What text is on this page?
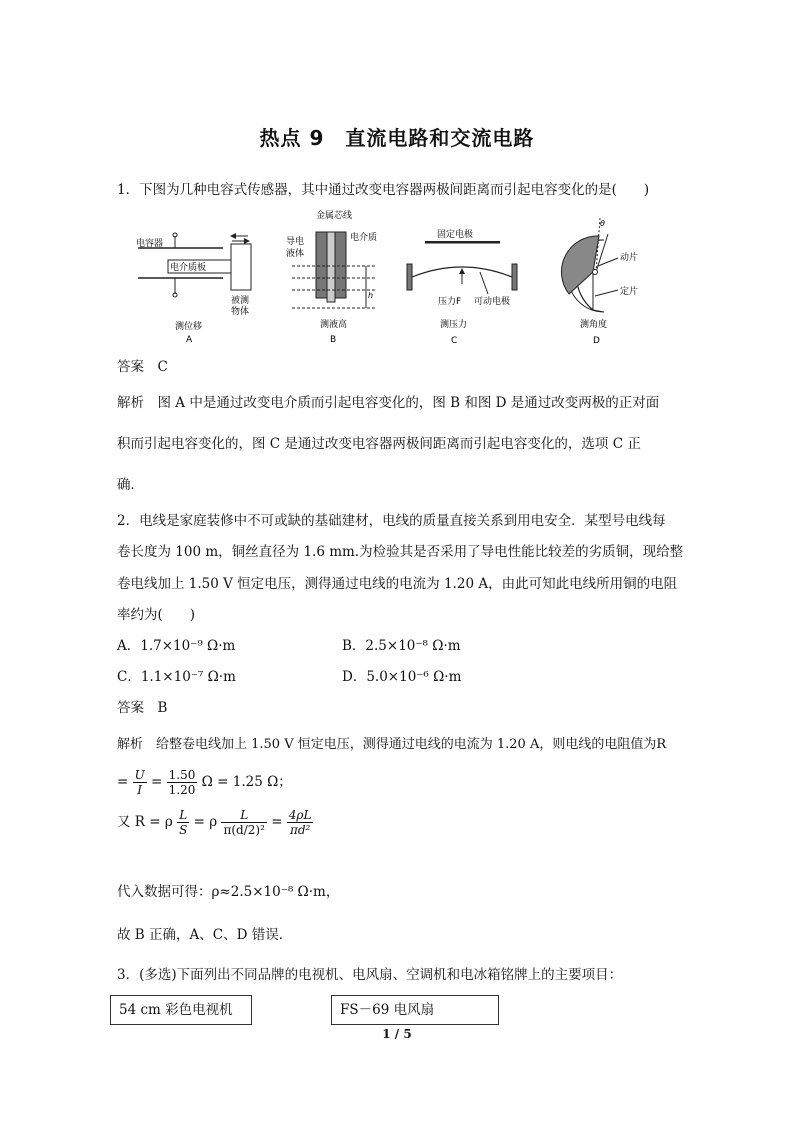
热点 9　直流电路和交流电路
1．下图为几种电容式传感器，其中通过改变电容器两极间距离而引起电容变化的是(　　)
电容器
电介质板
被测
物体
测位移
A
h
金属芯线
电介质
导电
液体
测液高
B
固定电极
压力F 可动电极
测压力
C
θ
动片
定片
测角度
D
答案　C
解析　图 A 中是通过改变电介质而引起电容变化的，图 B 和图 D 是通过改变两极的正对面
积而引起电容变化的，图 C 是通过改变电容器两极间距离而引起电容变化的，选项 C 正
确．
2．电线是家庭装修中不可或缺的基础建材，电线的质量直接关系到用电安全．某型号电线每
卷长度为 100 m，铜丝直径为 1.6 mm.为检验其是否采用了导电性能比较差的劣质铜，现给整
卷电线加上 1.50 V 恒定电压，测得通过电线的电流为 1.20 A，由此可知此电线所用铜的电阻
率约为(　　)
A．1.7×10⁻⁹ Ω·m	B．2.5×10⁻⁸ Ω·m
C．1.1×10⁻⁷ Ω·m	D．5.0×10⁻⁶ Ω·m
答案　B
解析　给整卷电线加上 1.50 V 恒定电压，测得通过电线的电流为 1.20 A，则电线的电阻值为R
= $\frac{U}{I} = \frac{1.50}{1.20}$ Ω = 1.25 Ω；
又 R = ρ $\frac{L}{S} = \rho \frac{L}{\text{π(d/2)²}} = \frac{4\rho L}{\text{πd²}}$
代入数据可得：ρ≈2.5×10⁻⁸ Ω·m，
故 B 正确，A、C、D 错误．
3．(多选)下面列出不同品牌的电视机、电风扇、空调机和电冰箱铭牌上的主要项目：
54 cm 彩色电视机	FS－69 电风扇
1 / 5
